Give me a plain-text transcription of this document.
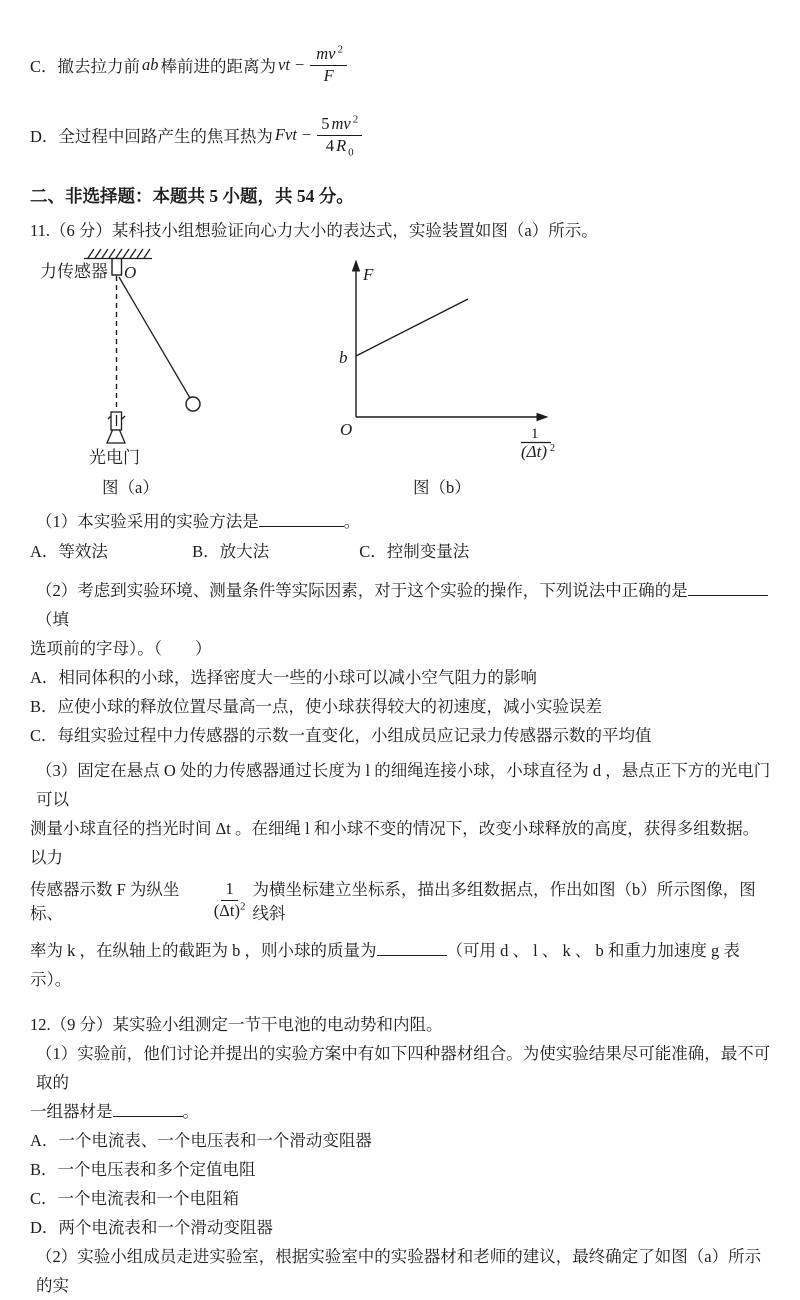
C． 撤去拉力前 ab 棒前进的距离为 vt − $\frac{mv ^2}{F}$
D． 全过程中回路产生的焦耳热为 Fvt − $\frac{5 mv ^2}{4 R _0}$
二、非选择题：本题共 5 小题，共 54 分。
11.（6 分）某科技小组想验证向心力大小的表达式，实验装置如图（a）所示。
力传感器 O
光电门
F
b
O	1
(Δt) 2
图（a）	图（b）
（1）本实验采用的实验方法是	。
A．等效法	B．放大法	C．控制变量法
（2）考虑到实验环境、测量条件等实际因素，对于这个实验的操作，下列说法中正确的是（填
选项前的字母）。（　　）
A．相同体积的小球，选择密度大一些的小球可以减小空气阻力的影响
B．应使小球的释放位置尽量高一点，使小球获得较大的初速度，减小实验误差
C．每组实验过程中力传感器的示数一直变化，小组成员应记录力传感器示数的平均值
（3）固定在悬点 O 处的力传感器通过长度为 l 的细绳连接小球，小球直径为 d ，悬点正下方的光电门可以
测量小球直径的挡光时间 Δt 。在细绳 l 和小球不变的情况下，改变小球释放的高度，获得多组数据。以力
传感器示数 F 为纵坐标、	$\frac{1}{(\Delta t)^2}$ 为横坐标建立坐标系，描出多组数据点，作出如图（b）所示图像，图线斜
率为 k ，在纵轴上的截距为 b ，则小球的质量为	（可用 d 、 l 、 k 、 b 和重力加速度 g 表示）。
12.（9 分）某实验小组测定一节干电池的电动势和内阻。
（1）实验前，他们讨论并提出的实验方案中有如下四种器材组合。为使实验结果尽可能准确，最不可取的
一组器材是	。
A．一个电流表、一个电压表和一个滑动变阻器
B．一个电压表和多个定值电阻
C．一个电流表和一个电阻箱
D．两个电流表和一个滑动变阻器
（2）实验小组成员走进实验室，根据实验室中的实验器材和老师的建议，最终确定了如图（a）所示的实
